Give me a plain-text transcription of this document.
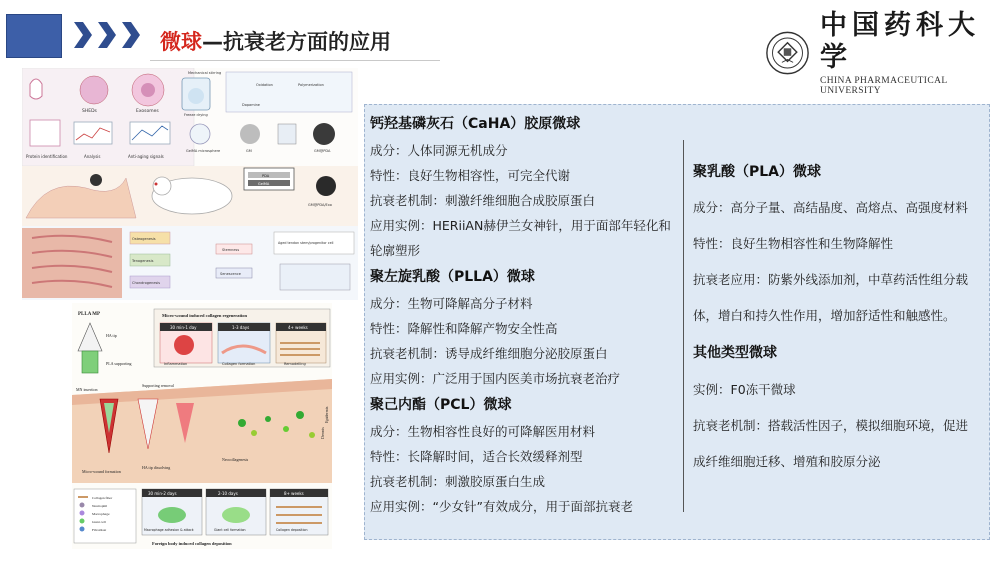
微球—抗衰老方面的应用
中国药科大学
CHINA PHARMACEUTICAL UNIVERSITY
SHEDs	Exosomes
Protein identification	Analysis	Anti-aging signals
Mechanical stirring
Oxidation	Polymerization
Dopamine
Freeze drying
GelMA microsphere	GM	GM@PDA
PDA
GelMA
GM@PDA/Exo
Osteogenesis
Tenogenesis
Chondrogenesis
Stemness
Senescence
Aged tendon stem/progenitor cell
PLLA MP
HA tip
PLA supporting
Micro-wound induced collagen regeneration
30 min-1 day	1-3 days	4+ weeks
Inflammation	Collagen formation	Remodelling
MN insertion
Supporting removal
Dermis
Epidermis
Micro-wound formation
HA tip dissolving
Neocollagenesis
Collagen fiber
Neutrophil
Macrophage
Giant cell
Fibroblast
30 min-2 days	2-10 days	8+ weeks
Macrophage adhesion & attack	Giant cell formation	Collagen deposition
Foreign body induced collagen deposition
钙羟基磷灰石（CaHA）胶原微球
成分：人体同源无机成分
特性：良好生物相容性，可完全代谢
抗衰老机制：刺激纤维细胞合成胶原蛋白
应用实例：HERiiAN赫伊兰女神针，用于面部年轻化和
轮廓塑形
聚左旋乳酸（PLLA）微球
成分：生物可降解高分子材料
特性：降解性和降解产物安全性高
抗衰老机制：诱导成纤维细胞分泌胶原蛋白
应用实例：广泛用于国内医美市场抗衰老治疗
聚己内酯（PCL）微球
成分：生物相容性良好的可降解医用材料
特性：长降解时间，适合长效缓释剂型
抗衰老机制：刺激胶原蛋白生成
应用实例：“少女针”有效成分，用于面部抗衰老
聚乳酸（PLA）微球
成分：高分子量、高结晶度、高熔点、高强度材料
特性：良好生物相容性和生物降解性
抗衰老应用：防紫外线添加剂，中草药活性组分载
体，增白和持久性作用，增加舒适性和触感性。
其他类型微球
实例：F0冻干微球
抗衰老机制：搭载活性因子，模拟细胞环境，促进
成纤维细胞迁移、增殖和胶原分泌
